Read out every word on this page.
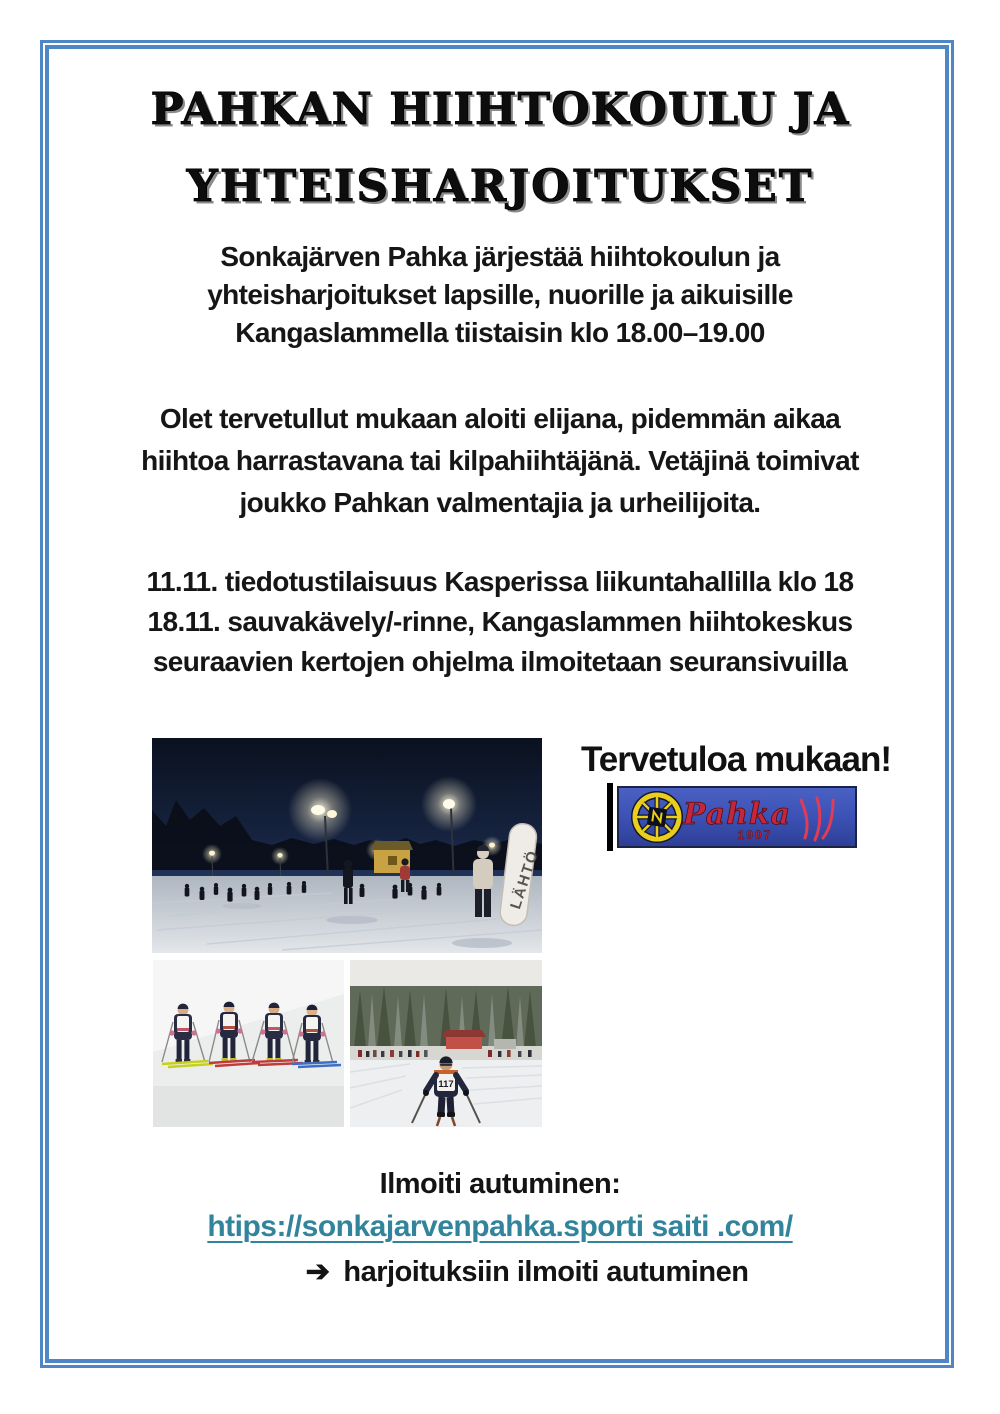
PAHKAN HIIHTOKOULU JA
YHTEISHARJOITUKSET
Sonkajärven Pahka järjestää hiihtokoulun ja
yhteisharjoitukset lapsille, nuorille ja aikuisille
Kangaslammella tiistaisin klo 18.00–19.00
Olet tervetullut mukaan aloiti elijana, pidemmän aikaa
hiihtoa harrastavana tai kilpahiihtäjänä. Vetäjinä toimivat
joukko Pahkan valmentajia ja urheilijoita.
11.11. tiedotustilaisuus Kasperissa liikuntahallilla klo 18
18.11. sauvakävely/-rinne, Kangaslammen hiihtokeskus
seuraavien kertojen ohjelma ilmoitetaan seuransivuilla
LÄHTÖ
117
Tervetuloa mukaan!
Pahka
1907
Ilmoiti autuminen:
htips://sonkajarvenpahka.sporti saiti .com/
➔ harjoituksiin ilmoiti autuminen
